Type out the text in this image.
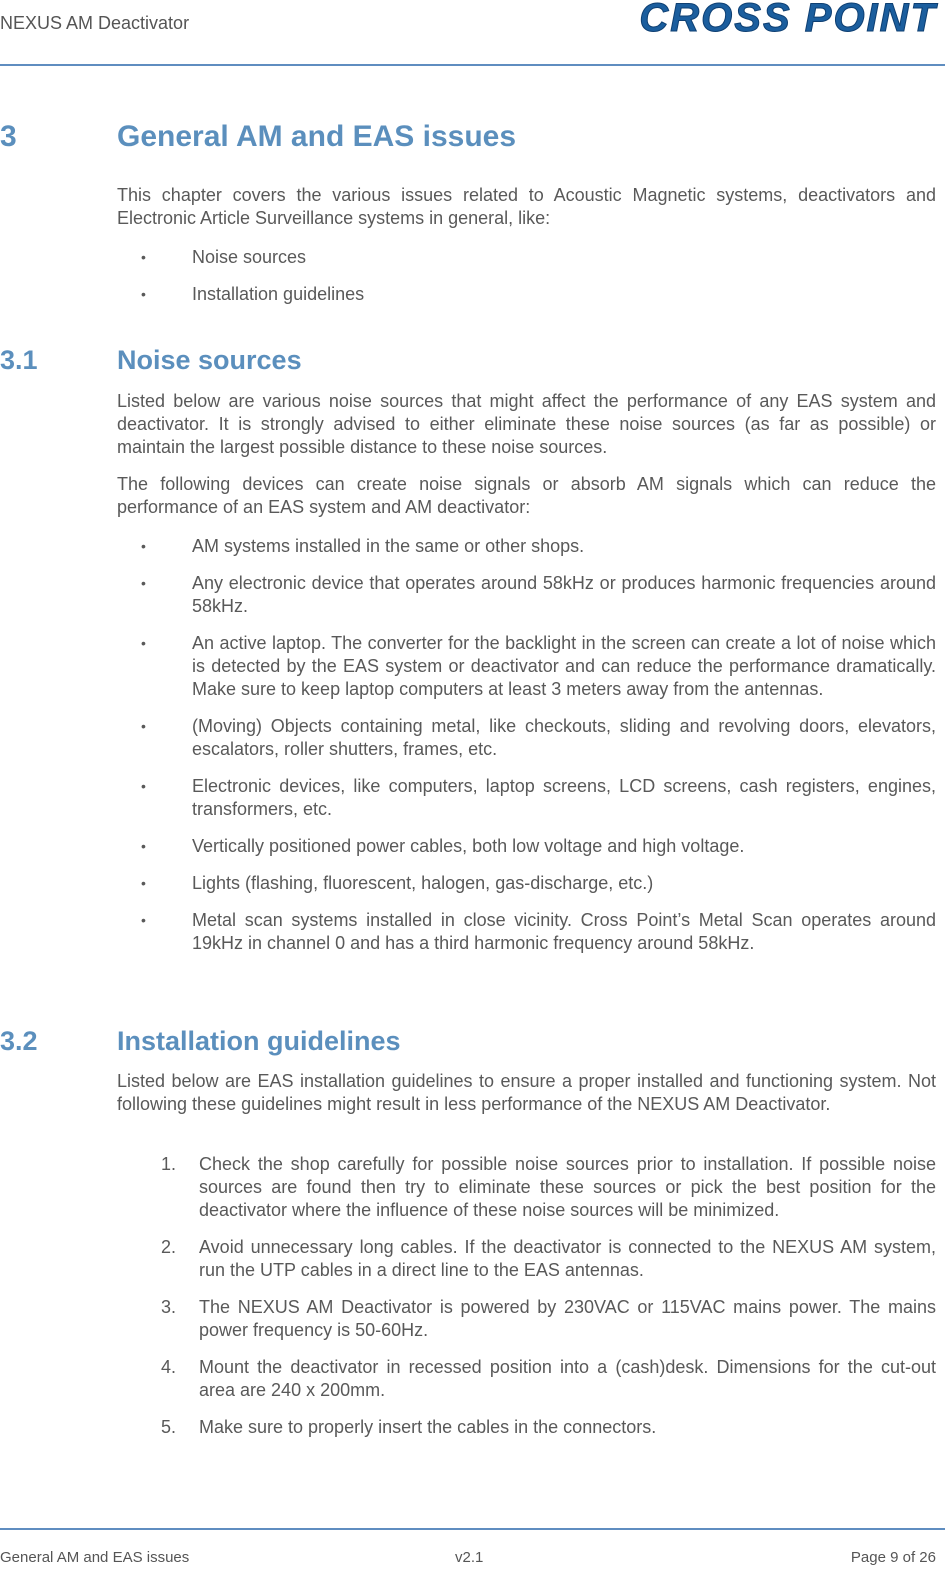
NEXUS AM Deactivator	CROSS POINT
3	General AM and EAS issues
This chapter covers the various issues related to Acoustic Magnetic systems, deactivators and Electronic Article Surveillance systems in general, like:
•	Noise sources
•	Installation guidelines
3.1	Noise sources
Listed below are various noise sources that might affect the performance of any EAS system and deactivator. It is strongly advised to either eliminate these noise sources (as far as possible) or maintain the largest possible distance to these noise sources.
The following devices can create noise signals or absorb AM signals which can reduce the performance of an EAS system and AM deactivator:
•	AM systems installed in the same or other shops.
•	Any electronic device that operates around 58kHz or produces harmonic frequencies around 58kHz.
•	An active laptop. The converter for the backlight in the screen can create a lot of noise which is detected by the EAS system or deactivator and can reduce the performance dramatically. Make sure to keep laptop computers at least 3 meters away from the antennas.
•	(Moving) Objects containing metal, like checkouts, sliding and revolving doors, elevators, escalators, roller shutters, frames, etc.
•	Electronic devices, like computers, laptop screens, LCD screens, cash registers, engines, transformers, etc.
•	Vertically positioned power cables, both low voltage and high voltage.
•	Lights (flashing, fluorescent, halogen, gas-discharge, etc.)
•	Metal scan systems installed in close vicinity. Cross Point’s Metal Scan operates around 19kHz in channel 0 and has a third harmonic frequency around 58kHz.
3.2	Installation guidelines
Listed below are EAS installation guidelines to ensure a proper installed and functioning system. Not following these guidelines might result in less performance of the NEXUS AM Deactivator.
1. Check the shop carefully for possible noise sources prior to installation. If possible noise sources are found then try to eliminate these sources or pick the best position for the deactivator where the influence of these noise sources will be minimized.
2. Avoid unnecessary long cables. If the deactivator is connected to the NEXUS AM system, run the UTP cables in a direct line to the EAS antennas.
3. The NEXUS AM Deactivator is powered by 230VAC or 115VAC mains power. The mains power frequency is 50-60Hz.
4. Mount the deactivator in recessed position into a (cash)desk. Dimensions for the cut-out area are 240 x 200mm.
5. Make sure to properly insert the cables in the connectors.
General AM and EAS issues	v2.1	Page 9 of 26
